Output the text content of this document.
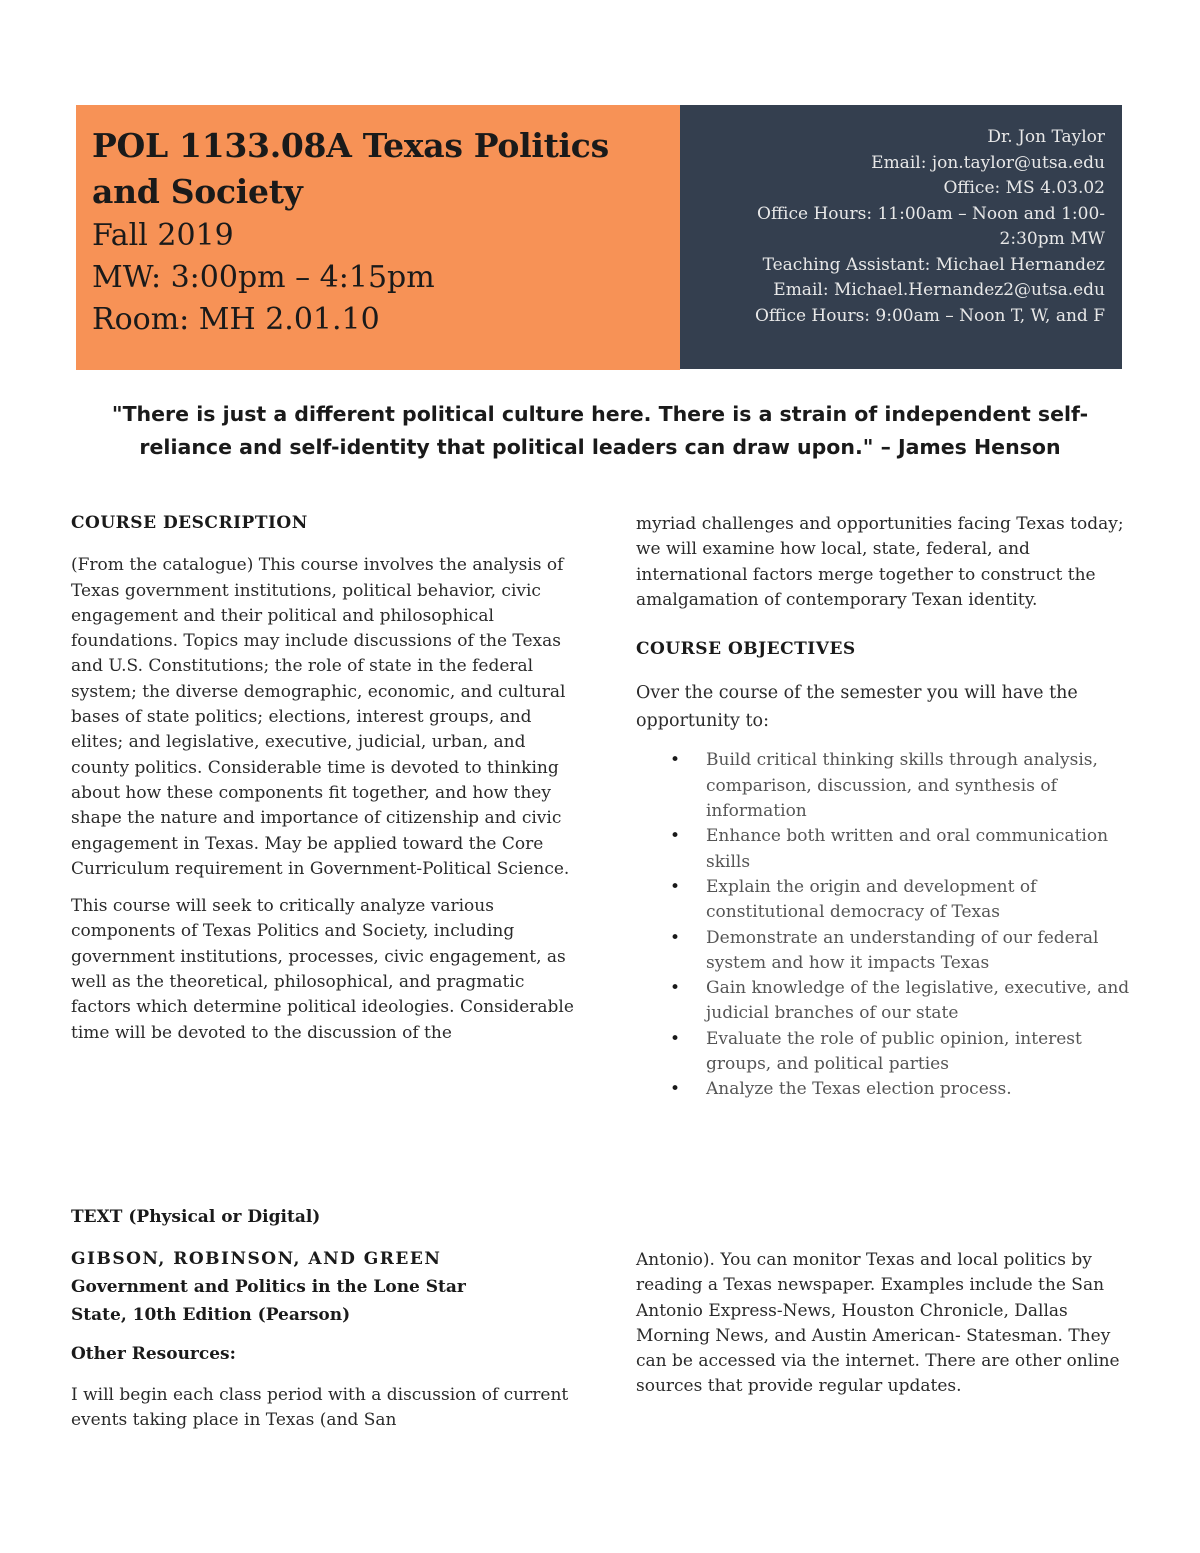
POL 1133.08A Texas Politics and Society
Fall 2019
MW: 3:00pm – 4:15pm
Room: MH 2.01.10
Dr. Jon Taylor
Email: jon.taylor@utsa.edu
Office: MS 4.03.02
Office Hours: 11:00am – Noon and 1:00-
2:30pm MW
Teaching Assistant: Michael Hernandez
Email: Michael.Hernandez2@utsa.edu
Office Hours: 9:00am – Noon T, W, and F
"There is just a different political culture here. There is a strain of independent self-
reliance and self-identity that political leaders can draw upon." – James Henson
COURSE DESCRIPTION

(From the catalogue) This course involves the analysis of Texas government institutions, political behavior, civic engagement and their political and philosophical foundations. Topics may include discussions of the Texas and U.S. Constitutions; the role of state in the federal system; the diverse demographic, economic, and cultural bases of state politics; elections, interest groups, and elites; and legislative, executive, judicial, urban, and county politics. Considerable time is devoted to thinking about how these components fit together, and how they shape the nature and importance of citizenship and civic engagement in Texas. May be applied toward the Core Curriculum requirement in Government-Political Science.

This course will seek to critically analyze various components of Texas Politics and Society, including government institutions, processes, civic engagement, as well as the theoretical, philosophical, and pragmatic factors which determine political ideologies. Considerable time will be devoted to the discussion of the

myriad challenges and opportunities facing Texas today; we will examine how local, state, federal, and international factors merge together to construct the amalgamation of contemporary Texan identity.

COURSE OBJECTIVES

Over the course of the semester you will have the opportunity to:

• Build critical thinking skills through analysis, comparison, discussion, and synthesis of information
• Enhance both written and oral communication skills
• Explain the origin and development of constitutional democracy of Texas
• Demonstrate an understanding of our federal system and how it impacts Texas
• Gain knowledge of the legislative, executive, and judicial branches of our state
• Evaluate the role of public opinion, interest groups, and political parties
• Analyze the Texas election process.
TEXT (Physical or Digital)
GIBSON, ROBINSON, AND GREEN
Government and Politics in the Lone Star
State, 10th Edition (Pearson)
Other Resources:

I will begin each class period with a discussion of current events taking place in Texas (and San

Antonio). You can monitor Texas and local politics by reading a Texas newspaper. Examples include the San Antonio Express-News, Houston Chronicle, Dallas Morning News, and Austin American- Statesman. They can be accessed via the internet. There are other online sources that provide regular updates.
